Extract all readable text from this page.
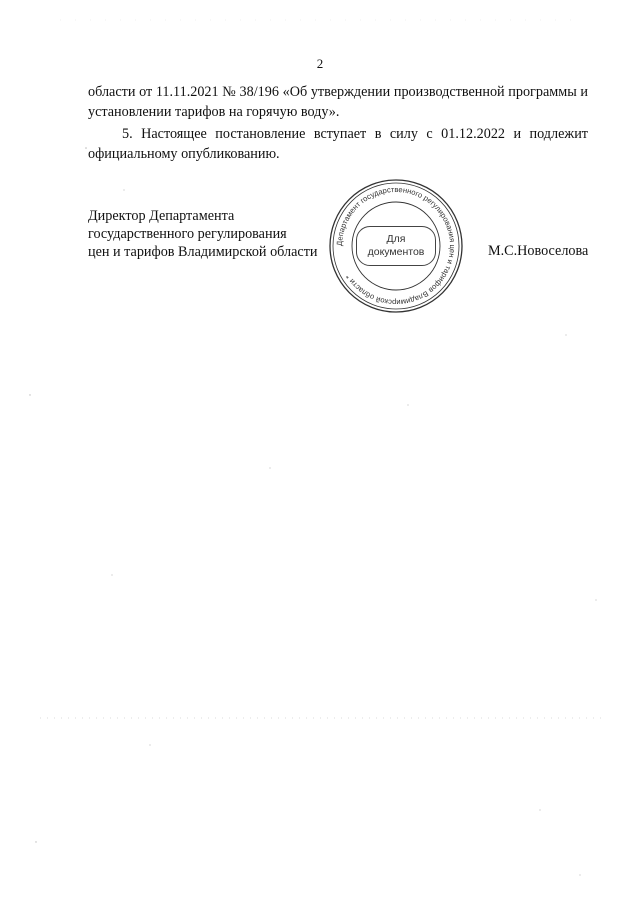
2
области от 11.11.2021 № 38/196 «Об утверждении производственной программы и
установлении тарифов на горячую воду».
5. Настоящее постановление вступает в силу с 01.12.2022 и подлежит
официальному опубликованию.
Директор Департамента
государственного регулирования
цен и тарифов Владимирской области
Департамент государственного регулирования цен и тарифов Владимирской области *
Для
документов	М.С.Новоселова
